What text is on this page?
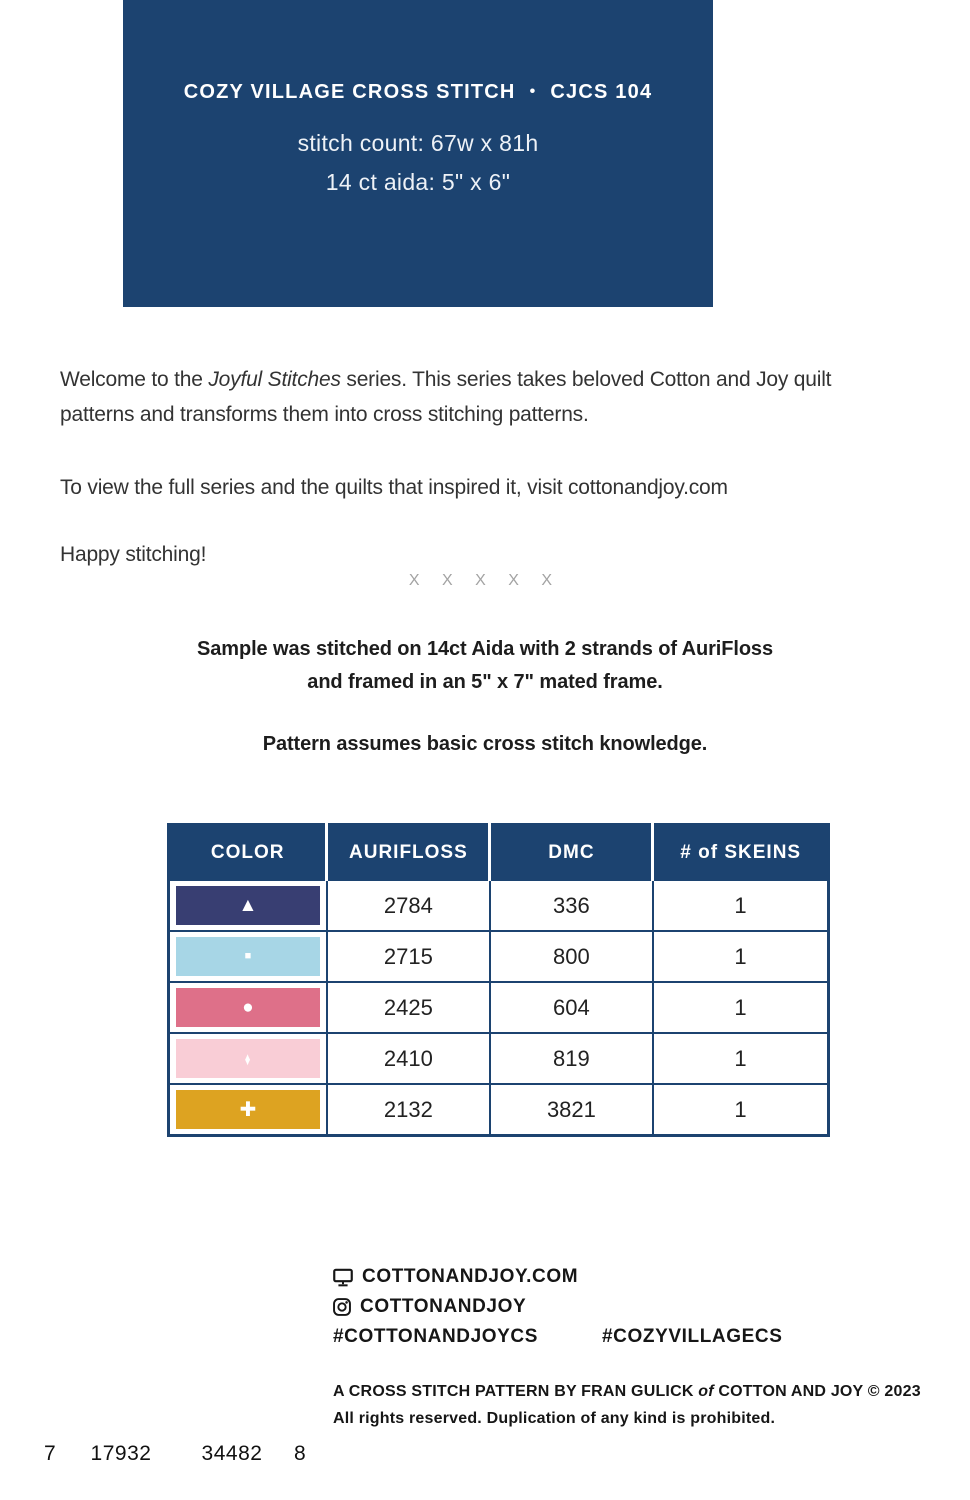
COZY VILLAGE CROSS STITCH • CJCS 104
stitch count: 67w x 81h
14 ct aida: 5" x 6"
Welcome to the Joyful Stitches series. This series takes beloved Cotton and Joy quilt
patterns and transforms them into cross stitching patterns.
To view the full series and the quilts that inspired it, visit cottonandjoy.com
Happy stitching!
X X X X X
Sample was stitched on 14ct Aida with 2 strands of AuriFloss
and framed in an 5" x 7" mated frame.
Pattern assumes basic cross stitch knowledge.
COLOR	AURIFLOSS	DMC	# of SKEINS

▲	2784	336	1

■	2715	800	1

●	2425	604	1

♦	2410	819	1

✚	2132	3821	1
7 17932 34482 8
COTTONANDJOY.COM
COTTONANDJOY
#COTTONANDJOYCS	#COZYVILLAGECS
A CROSS STITCH PATTERN BY FRAN GULICK of COTTON AND JOY © 2023
All rights reserved. Duplication of any kind is prohibited.
